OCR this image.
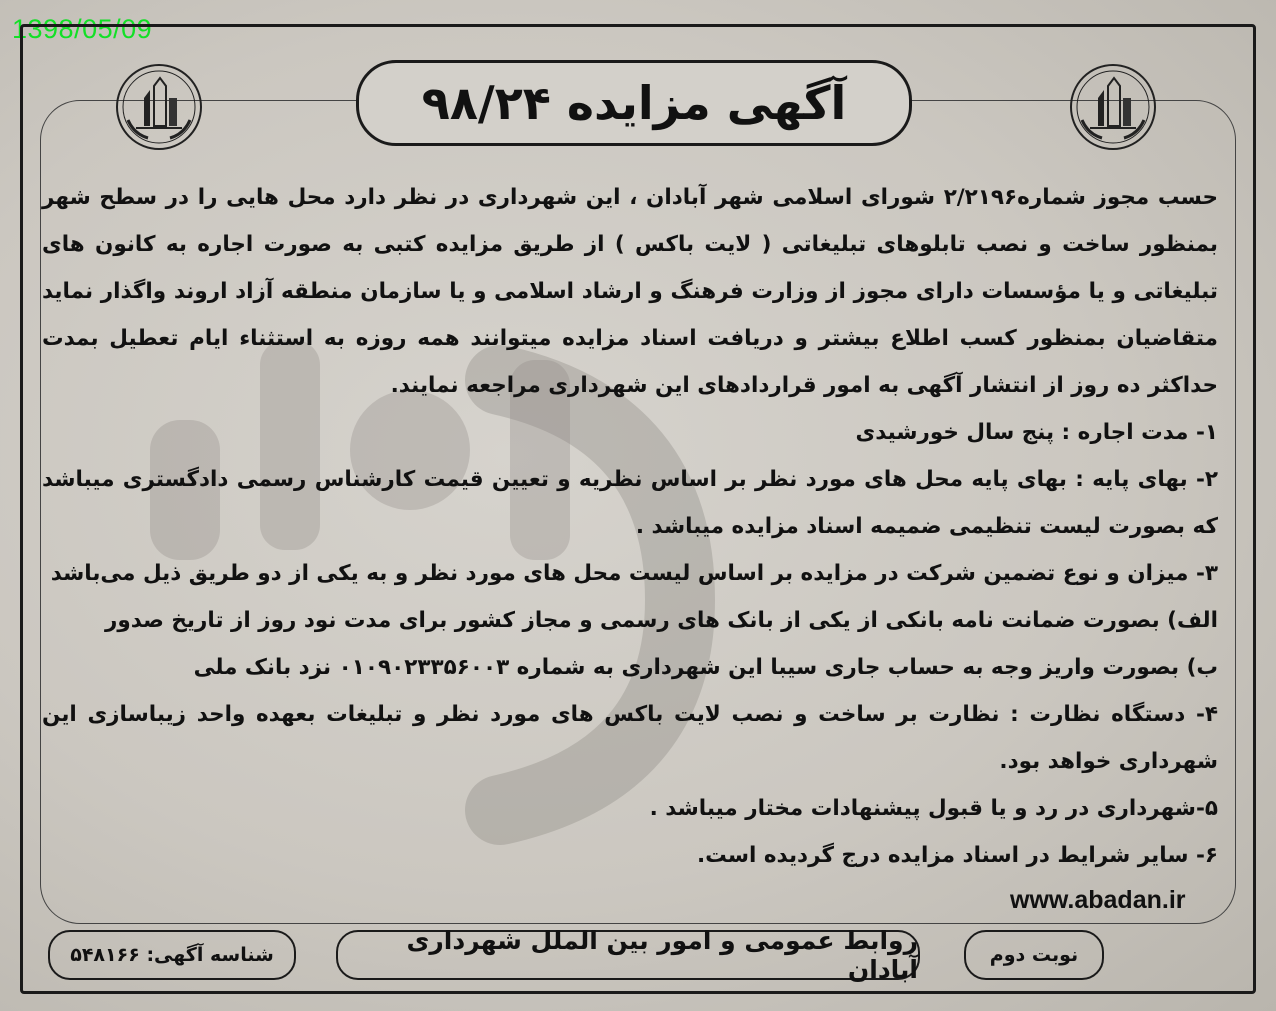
1398/05/09
آگهی مزایده ۹۸/۲۴

حسب مجوز شماره۲/۲۱۹۶ شورای اسلامی شهر آبادان ، این شهرداری در نظر دارد محل هایی را در سطح شهر بمنظور ساخت و نصب تابلوهای تبلیغاتی ( لایت باکس ) از طریق مزایده کتبی به صورت اجاره به کانون های تبلیغاتی و یا مؤسسات دارای مجوز از وزارت فرهنگ و ارشاد اسلامی و یا سازمان منطقه آزاد اروند واگذار نماید متقاضیان بمنظور کسب اطلاع بیشتر و دریافت اسناد مزایده میتوانند همه روزه به استثناء ایام تعطیل بمدت حداکثر ده روز از انتشار آگهی به امور قراردادهای این شهرداری مراجعه نمایند.

۱- مدت اجاره : پنج سال خورشیدی

۲- بهای پایه : بهای پایه محل های مورد نظر بر اساس نظریه و تعیین قیمت کارشناس رسمی دادگستری میباشد که بصورت لیست تنظیمی ضمیمه اسناد مزایده میباشد .

۳- میزان و نوع تضمین شرکت در مزایده بر اساس لیست محل های مورد نظر و به یکی از دو طریق ذیل می‌باشد

الف) بصورت ضمانت نامه بانکی از یکی از بانک های رسمی و مجاز کشور برای مدت نود روز از تاریخ صدور

ب) بصورت واریز وجه به حساب جاری سیبا این شهرداری به شماره ۰۱۰۹۰۲۳۳۵۶۰۰۳ نزد بانک ملی

۴- دستگاه نظارت : نظارت بر ساخت و نصب لایت باکس های مورد نظر و تبلیغات بعهده واحد زیباسازی این شهرداری خواهد بود.

۵-شهرداری در رد و یا قبول پیشنهادات مختار میباشد .

۶- سایر شرایط در اسناد مزایده درج گردیده است.

www.abadan.ir
نوبت دوم
روابط عمومی و امور بین الملل شهرداری آبادان
شناسه آگهی: ۵۴۸۱۶۶
